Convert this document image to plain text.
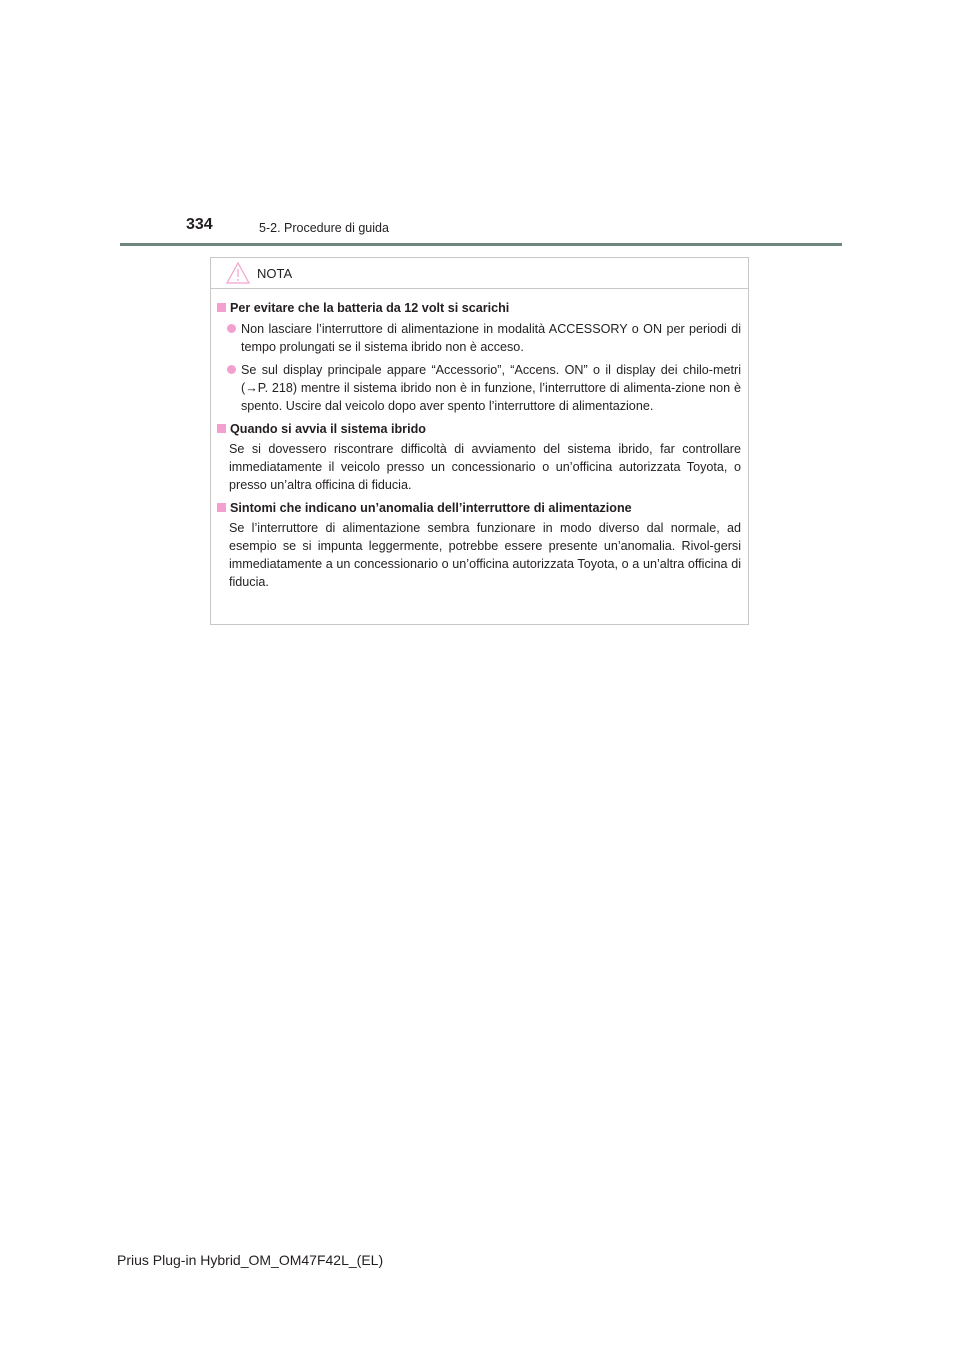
334	5-2. Procedure di guida
NOTA
Per evitare che la batteria da 12 volt si scarichi
Non lasciare l’interruttore di alimentazione in modalità ACCESSORY o ON per periodi di tempo prolungati se il sistema ibrido non è acceso.
Se sul display principale appare “Accessorio”, “Accens. ON” o il display dei chilo-metri (→P. 218) mentre il sistema ibrido non è in funzione, l’interruttore di alimenta-zione non è spento. Uscire dal veicolo dopo aver spento l’interruttore di alimentazione.
Quando si avvia il sistema ibrido
Se si dovessero riscontrare difficoltà di avviamento del sistema ibrido, far controllare immediatamente il veicolo presso un concessionario o un’officina autorizzata Toyota, o presso un’altra officina di fiducia.
Sintomi che indicano un’anomalia dell’interruttore di alimentazione
Se l’interruttore di alimentazione sembra funzionare in modo diverso dal normale, ad esempio se si impunta leggermente, potrebbe essere presente un’anomalia. Rivol-gersi immediatamente a un concessionario o un’officina autorizzata Toyota, o a un’altra officina di fiducia.
Prius Plug-in Hybrid_OM_OM47F42L_(EL)
